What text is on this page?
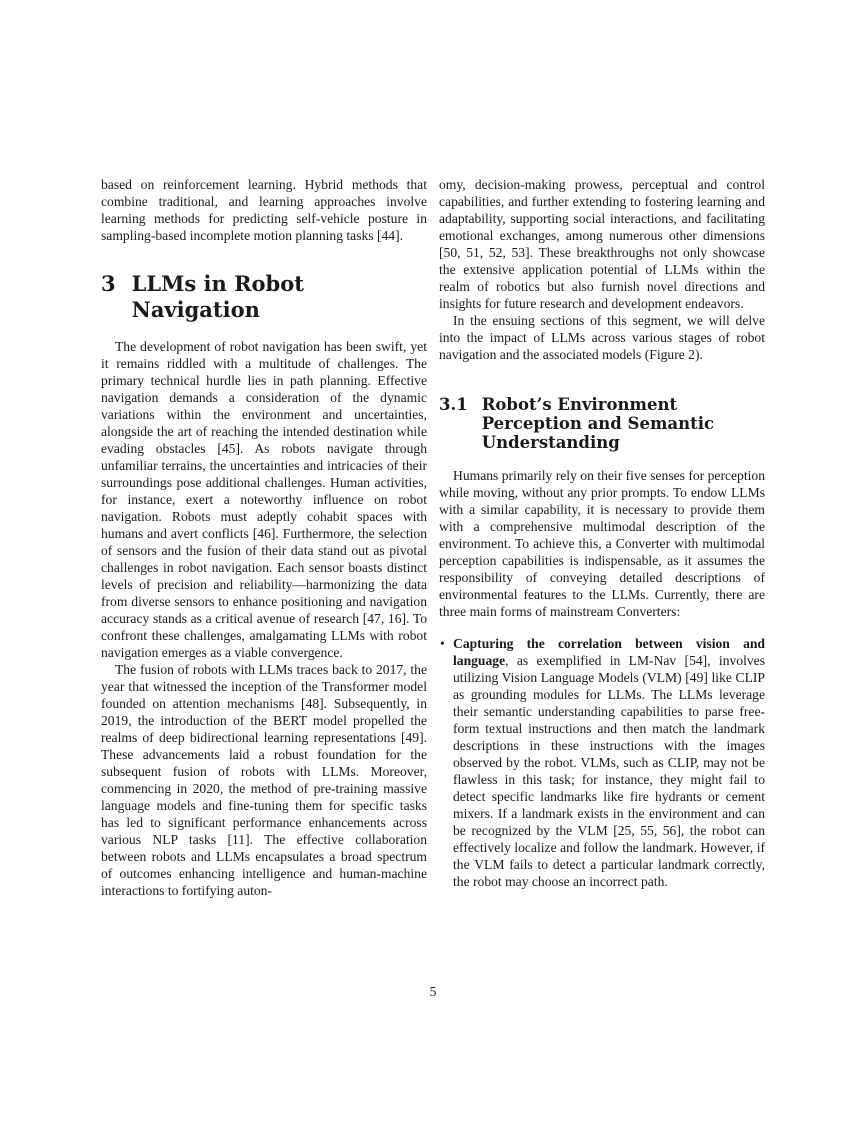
based on reinforcement learning. Hybrid methods that combine traditional, and learning approaches involve learning methods for predicting self-vehicle posture in sampling-based incomplete motion planning tasks [44].

3 LLMs in Robot Navigation

The development of robot navigation has been swift, yet it remains riddled with a multitude of challenges. The primary technical hurdle lies in path planning. Effective navigation demands a consideration of the dynamic variations within the environment and uncertainties, alongside the art of reaching the intended destination while evading obstacles [45]. As robots navigate through unfamiliar terrains, the uncertainties and intricacies of their surroundings pose additional challenges. Human activities, for instance, exert a noteworthy influence on robot navigation. Robots must adeptly cohabit spaces with humans and avert conflicts [46]. Furthermore, the selection of sensors and the fusion of their data stand out as pivotal challenges in robot navigation. Each sensor boasts distinct levels of precision and reliability—harmonizing the data from diverse sensors to enhance positioning and navigation accuracy stands as a critical avenue of research [47, 16]. To confront these challenges, amalgamating LLMs with robot navigation emerges as a viable convergence.

The fusion of robots with LLMs traces back to 2017, the year that witnessed the inception of the Transformer model founded on attention mechanisms [48]. Subsequently, in 2019, the introduction of the BERT model propelled the realms of deep bidirectional learning representations [49]. These advancements laid a robust foundation for the subsequent fusion of robots with LLMs. Moreover, commencing in 2020, the method of pre-training massive language models and fine-tuning them for specific tasks has led to significant performance enhancements across various NLP tasks [11]. The effective collaboration between robots and LLMs encapsulates a broad spectrum of outcomes enhancing intelligence and human-machine interactions to fortifying auton-

omy, decision-making prowess, perceptual and control capabilities, and further extending to fostering learning and adaptability, supporting social interactions, and facilitating emotional exchanges, among numerous other dimensions [50, 51, 52, 53]. These breakthroughs not only showcase the extensive application potential of LLMs within the realm of robotics but also furnish novel directions and insights for future research and development endeavors.

In the ensuing sections of this segment, we will delve into the impact of LLMs across various stages of robot navigation and the associated models (Figure 2).

3.1 Robot’s Environment Perception and Semantic Understanding

Humans primarily rely on their five senses for perception while moving, without any prior prompts. To endow LLMs with a similar capability, it is necessary to provide them with a comprehensive multimodal description of the environment. To achieve this, a Converter with multimodal perception capabilities is indispensable, as it assumes the responsibility of conveying detailed descriptions of environmental features to the LLMs. Currently, there are three main forms of mainstream Converters:

• Capturing the correlation between vision and language, as exemplified in LM-Nav [54], involves utilizing Vision Language Models (VLM) [49] like CLIP as grounding modules for LLMs. The LLMs leverage their semantic understanding capabilities to parse free-form textual instructions and then match the landmark descriptions in these instructions with the images observed by the robot. VLMs, such as CLIP, may not be flawless in this task; for instance, they might fail to detect specific landmarks like fire hydrants or cement mixers. If a landmark exists in the environment and can be recognized by the VLM [25, 55, 56], the robot can effectively localize and follow the landmark. However, if the VLM fails to detect a particular landmark correctly, the robot may choose an incorrect path.
5
